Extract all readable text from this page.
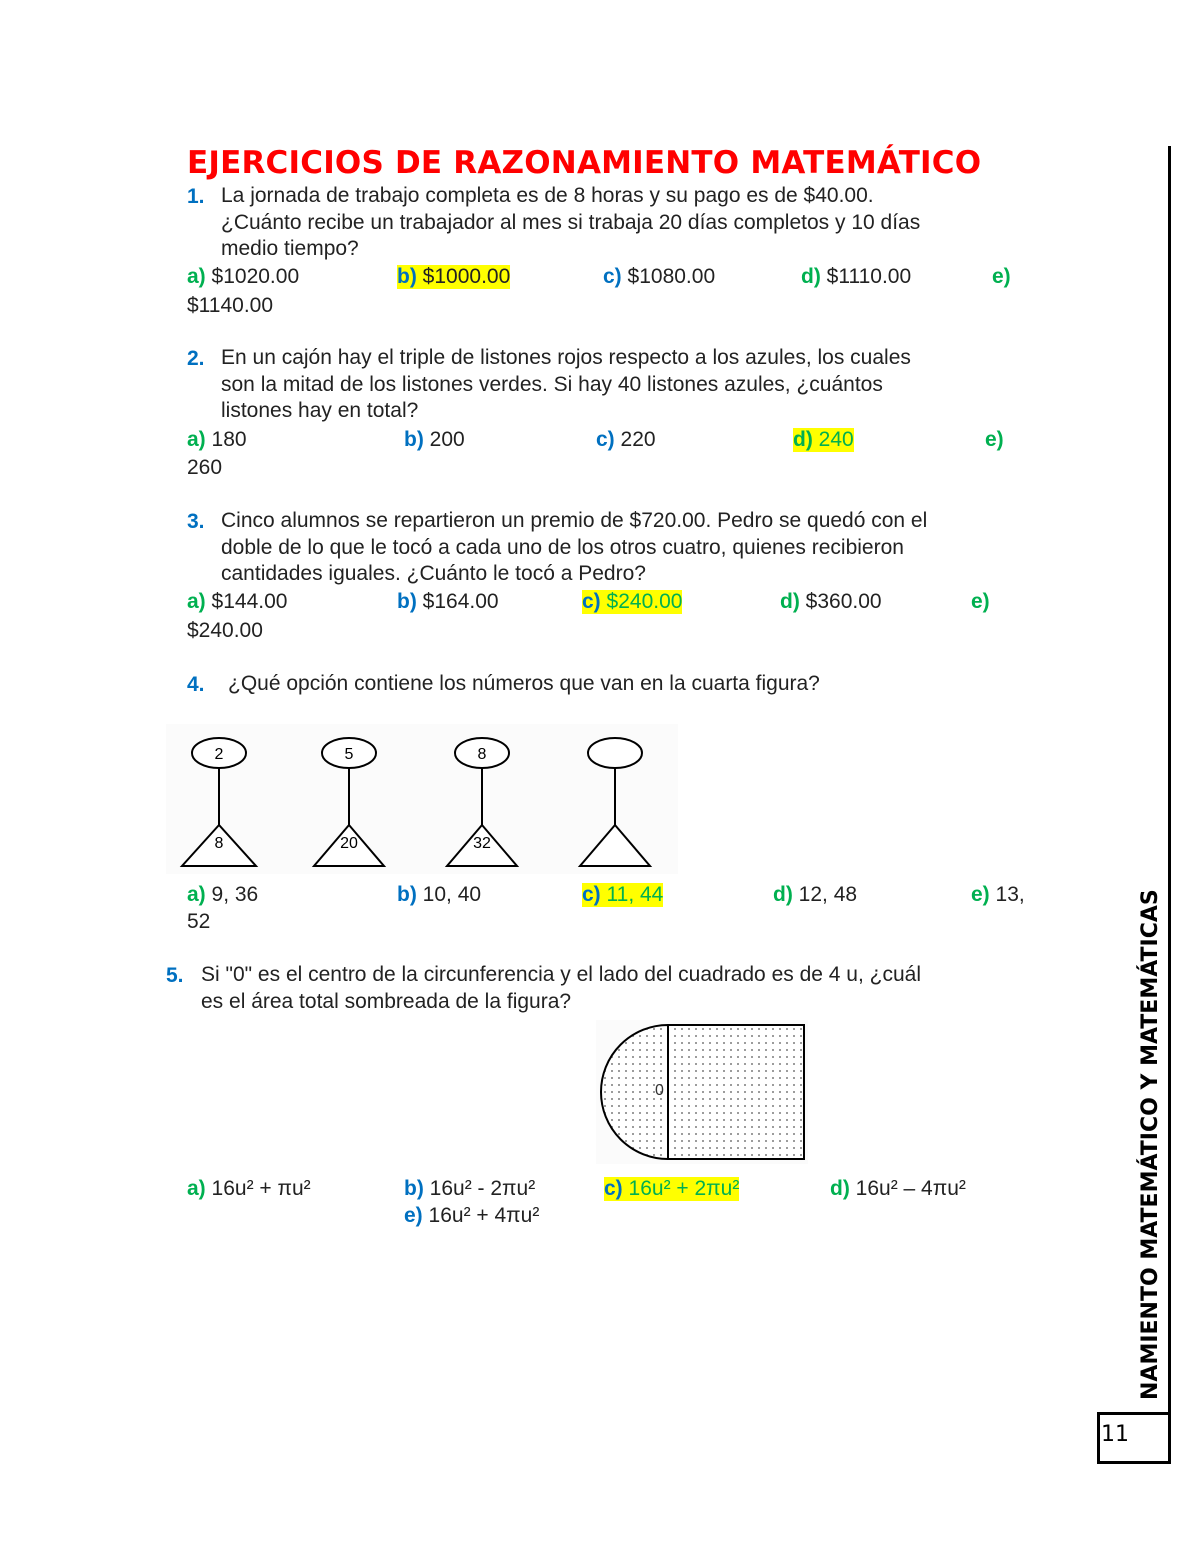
EJERCICIOS DE RAZONAMIENTO MATEMÁTICO
1. La jornada de trabajo completa es de 8 horas y su pago es de $40.00.
¿Cuánto recibe un trabajador al mes si trabaja 20 días completos y 10 días
medio tiempo?
a) $1020.00	b) $1000.00	c) $1080.00	d) $1110.00	e)
$1140.00
2. En un cajón hay el triple de listones rojos respecto a los azules, los cuales
son la mitad de los listones verdes. Si hay 40 listones azules, ¿cuántos
listones hay en total?
a) 180	b) 200	c) 220	d) 240	e)
260
3. Cinco alumnos se repartieron un premio de $720.00. Pedro se quedó con el
doble de lo que le tocó a cada uno de los otros cuatro, quienes recibieron
cantidades iguales. ¿Cuánto le tocó a Pedro?
a) $144.00	b) $164.00	c) $240.00	d) $360.00	e)
$240.00
4. ¿Qué opción contiene los números que van en la cuarta figura?
2
8
5
20
8
32
a) 9, 36	b) 10, 40	c) 11, 44	d) 12, 48	e) 13,
52
5. Si "0" es el centro de la circunferencia y el lado del cuadrado es de 4 u, ¿cuál
es el área total sombreada de la figura?
0
a) 16u² + πu²	b) 16u² - 2πu²	c) 16u² + 2πu²	d) 16u² – 4πu²
e) 16u² + 4πu²
11
NAMIENTO MATEMÁTICO Y MATEMÁTICAS
